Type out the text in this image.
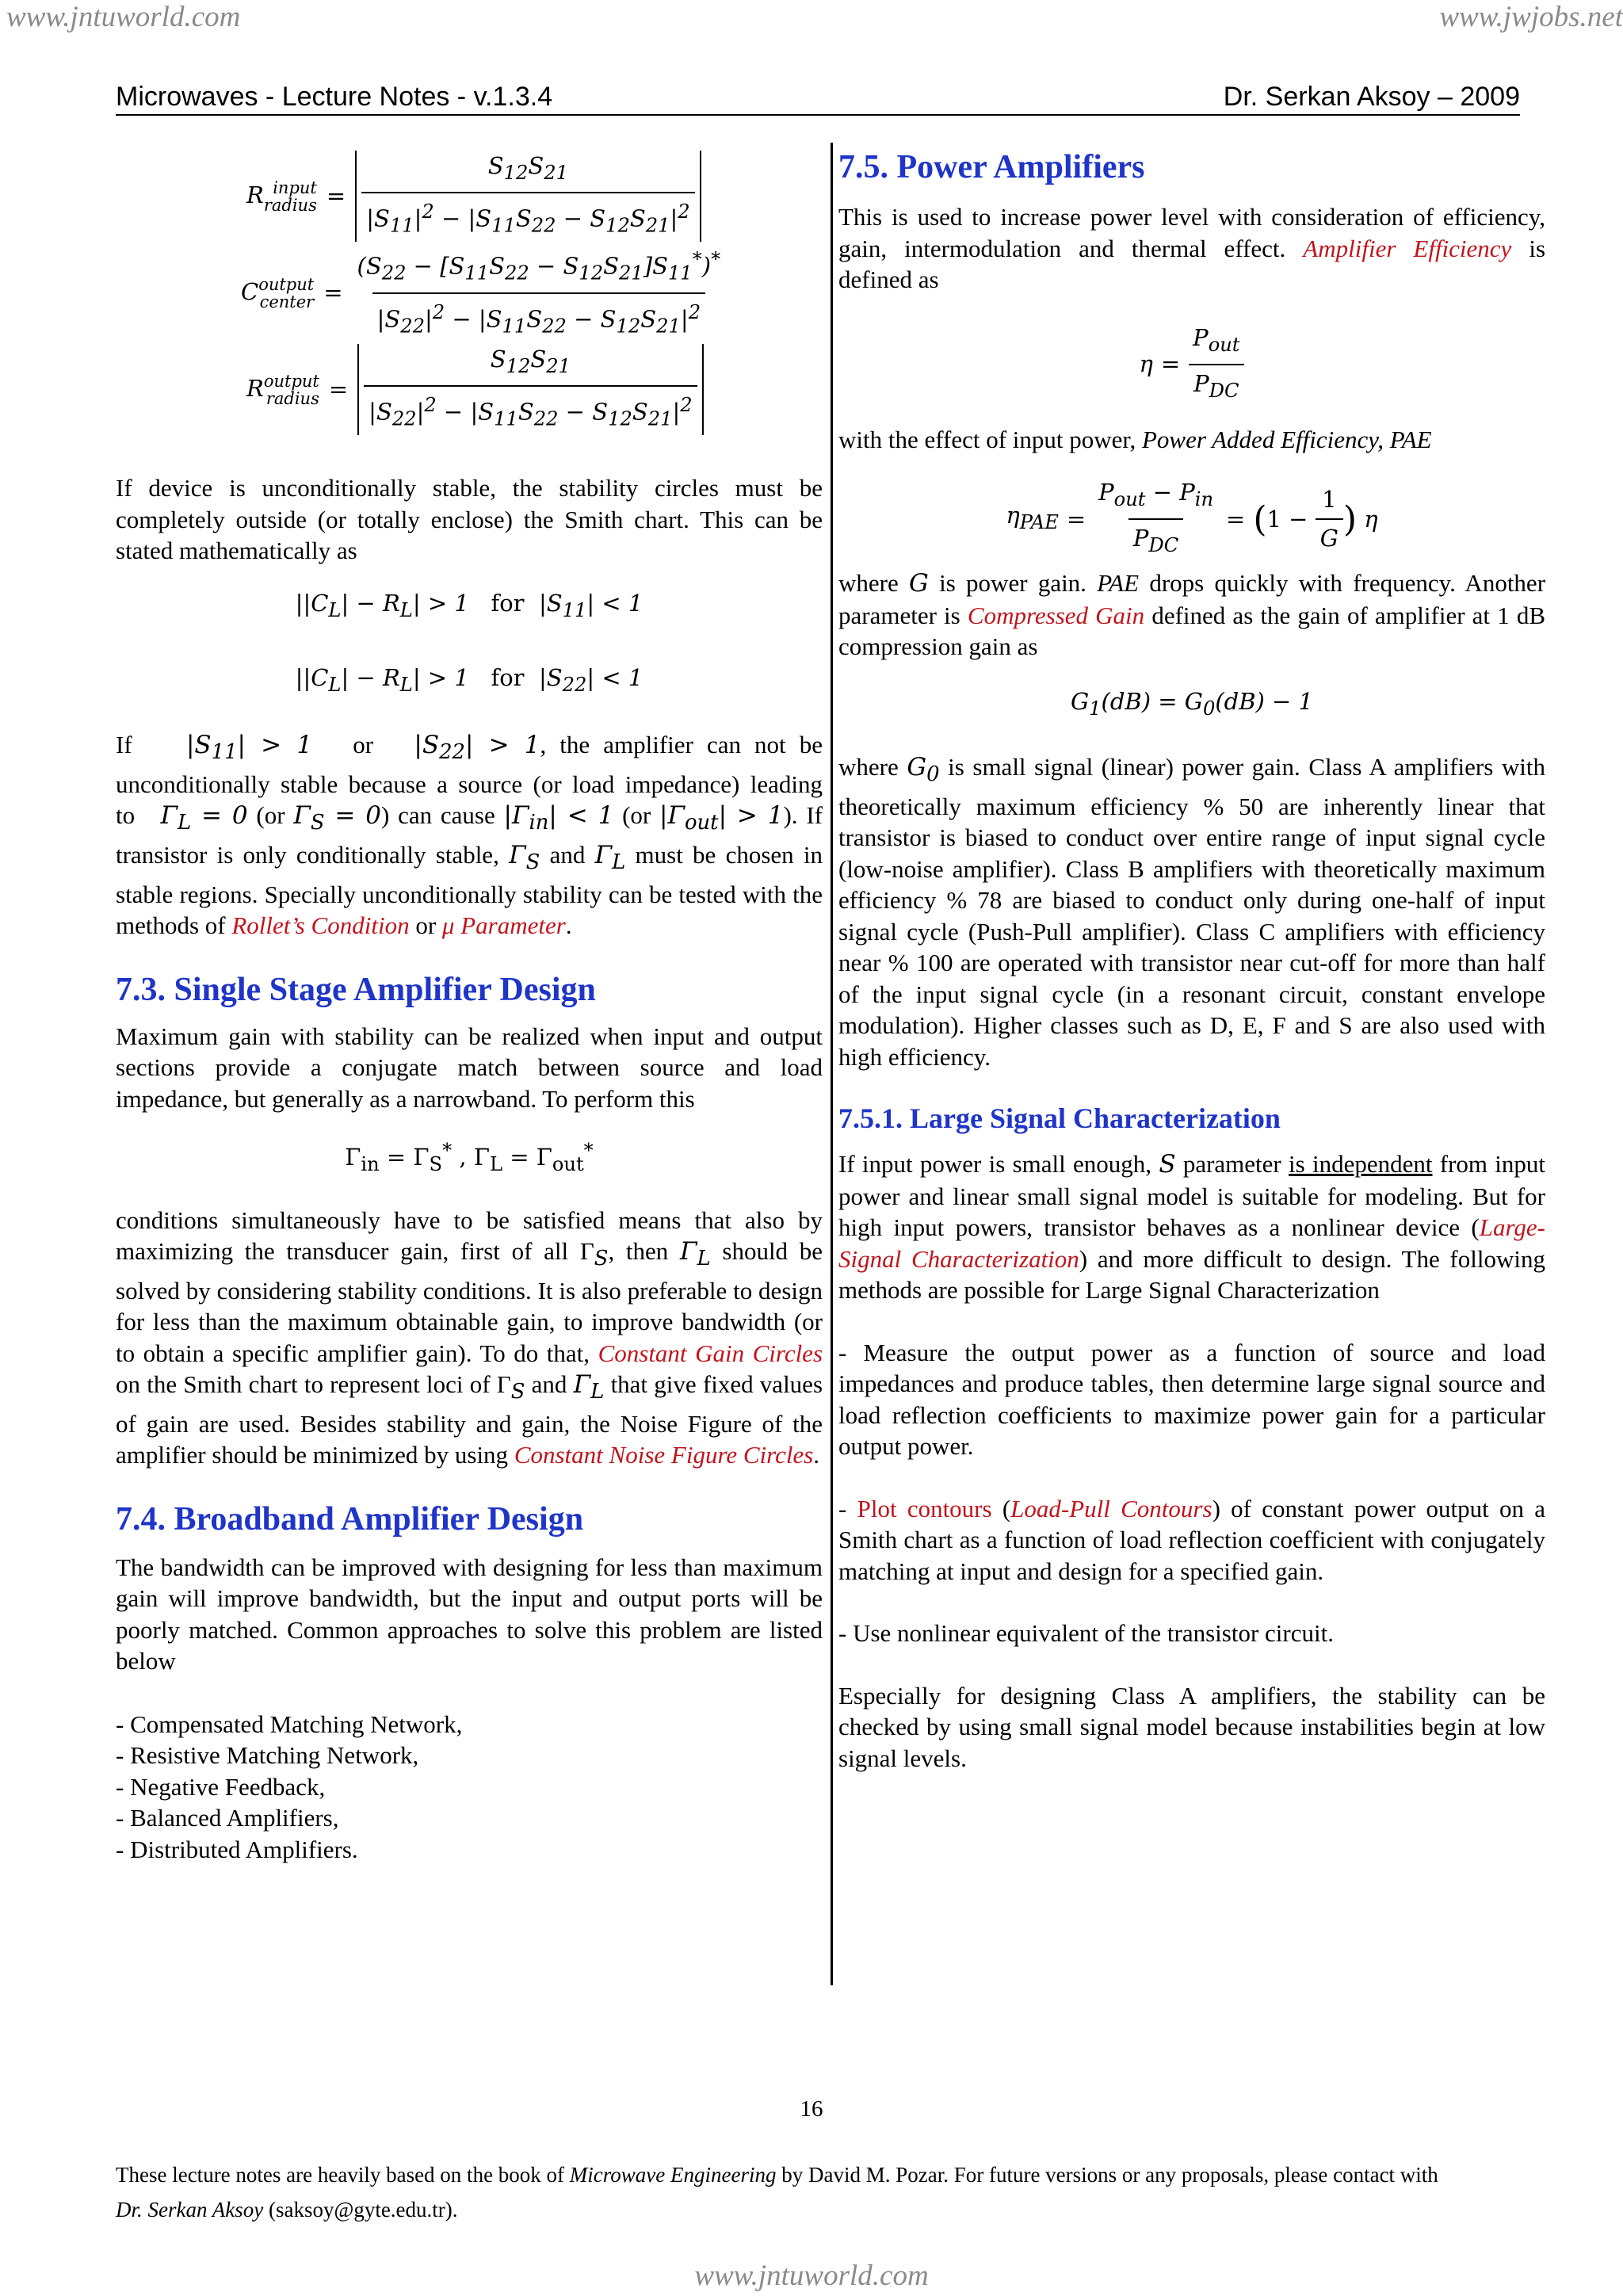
www.jntuworld.com	www.jwjobs.net
Microwaves - Lecture Notes - v.1.3.4	Dr. Serkan Aksoy – 2009
R input
radius = $\frac{S_{12}S_{21}}{|S_{11}|^2 - |S_{11}S_{22} - S_{12}S_{21}|^2}$
C output
center = $\frac{(S_{22} - [S_{11}S_{22} - S_{12}S_{21}]S_{11}^*)^*}{|S_{22}|^2 - |S_{11}S_{22} - S_{12}S_{21}|^2}$
R output
radius = $\frac{S_{12}S_{21}}{|S_{22}|^2 - |S_{11}S_{22} - S_{12}S_{21}|^2}$

If device is unconditionally stable, the stability circles must be completely outside (or totally enclose) the Smith chart. This can be stated mathematically as

$||C_L| - R_L| > 1$ for $|S_{11}| < 1$
$||C_L| - R_L| > 1$ for $|S_{22}| < 1$

If    $|S_{11}| > 1$   or   $|S_{22}| > 1$, the amplifier can not be unconditionally stable because a source (or load impedance) leading to $\Gamma_L = 0$ (or $\Gamma_S = 0$) can cause $|\Gamma_{in}| < 1$ (or $|\Gamma_{out}| > 1$). If transistor is only conditionally stable, $\Gamma_S$ and $\Gamma_L$ must be chosen in stable regions. Specially unconditionally stability can be tested with the methods of Rollet’s Condition or μ Parameter.

7.3. Single Stage Amplifier Design

Maximum gain with stability can be realized when input and output sections provide a conjugate match between source and load impedance, but generally as a narrowband. To perform this

$\Gamma_{in} = \Gamma_S^*$ , $\Gamma_L = \Gamma_{out}^*$

conditions simultaneously have to be satisfied means that also by maximizing the transducer gain, first of all $\Gamma_S$, then $\Gamma_L$ should be solved by considering stability conditions. It is also preferable to design for less than the maximum obtainable gain, to improve bandwidth (or to obtain a specific amplifier gain). To do that, Constant Gain Circles on the Smith chart to represent loci of $\Gamma_S$ and $\Gamma_L$ that give fixed values of gain are used. Besides stability and gain, the Noise Figure of the amplifier should be minimized by using Constant Noise Figure Circles.

7.4. Broadband Amplifier Design

The bandwidth can be improved with designing for less than maximum gain will improve bandwidth, but the input and output ports will be poorly matched. Common approaches to solve this problem are listed below

- Compensated Matching Network,
- Resistive Matching Network,
- Negative Feedback,
- Balanced Amplifiers,
- Distributed Amplifiers.
7.5. Power Amplifiers

This is used to increase power level with consideration of efficiency, gain, intermodulation and thermal effect. Amplifier Efficiency is defined as

$\eta = \frac{P_{out}}{P_{DC}}$

with the effect of input power, Power Added Efficiency, PAE

$\eta_{PAE} = \frac{P_{out} - P_{in}}{P_{DC}}$ = ( $1 - \frac{1}{G}$ ) η

where G is power gain. PAE drops quickly with frequency. Another parameter is Compressed Gain defined as the gain of amplifier at 1 dB compression gain as

$G_1(dB) = G_0(dB) - 1$

where $G_0$ is small signal (linear) power gain. Class A amplifiers with theoretically maximum efficiency % 50 are inherently linear that transistor is biased to conduct over entire range of input signal cycle (low-noise amplifier). Class B amplifiers with theoretically maximum efficiency % 78 are biased to conduct only during one-half of input signal cycle (Push-Pull amplifier). Class C amplifiers with efficiency near % 100 are operated with transistor near cut-off for more than half of the input signal cycle (in a resonant circuit, constant envelope modulation). Higher classes such as D, E, F and S are also used with high efficiency.

7.5.1. Large Signal Characterization

If input power is small enough, S parameter is independent from input power and linear small signal model is suitable for modeling. But for high input powers, transistor behaves as a nonlinear device (Large-Signal Characterization) and more difficult to design. The following methods are possible for Large Signal Characterization

- Measure the output power as a function of source and load impedances and produce tables, then determine large signal source and load reflection coefficients to maximize power gain for a particular output power.

- Plot contours (Load-Pull Contours) of constant power output on a Smith chart as a function of load reflection coefficient with conjugately matching at input and design for a specified gain.

- Use nonlinear equivalent of the transistor circuit.

Especially for designing Class A amplifiers, the stability can be checked by using small signal model because instabilities begin at low signal levels.

16
These lecture notes are heavily based on the book of Microwave Engineering by David M. Pozar. For future versions or any proposals, please contact with
Dr. Serkan Aksoy (saksoy@gyte.edu.tr).
www.jntuworld.com
